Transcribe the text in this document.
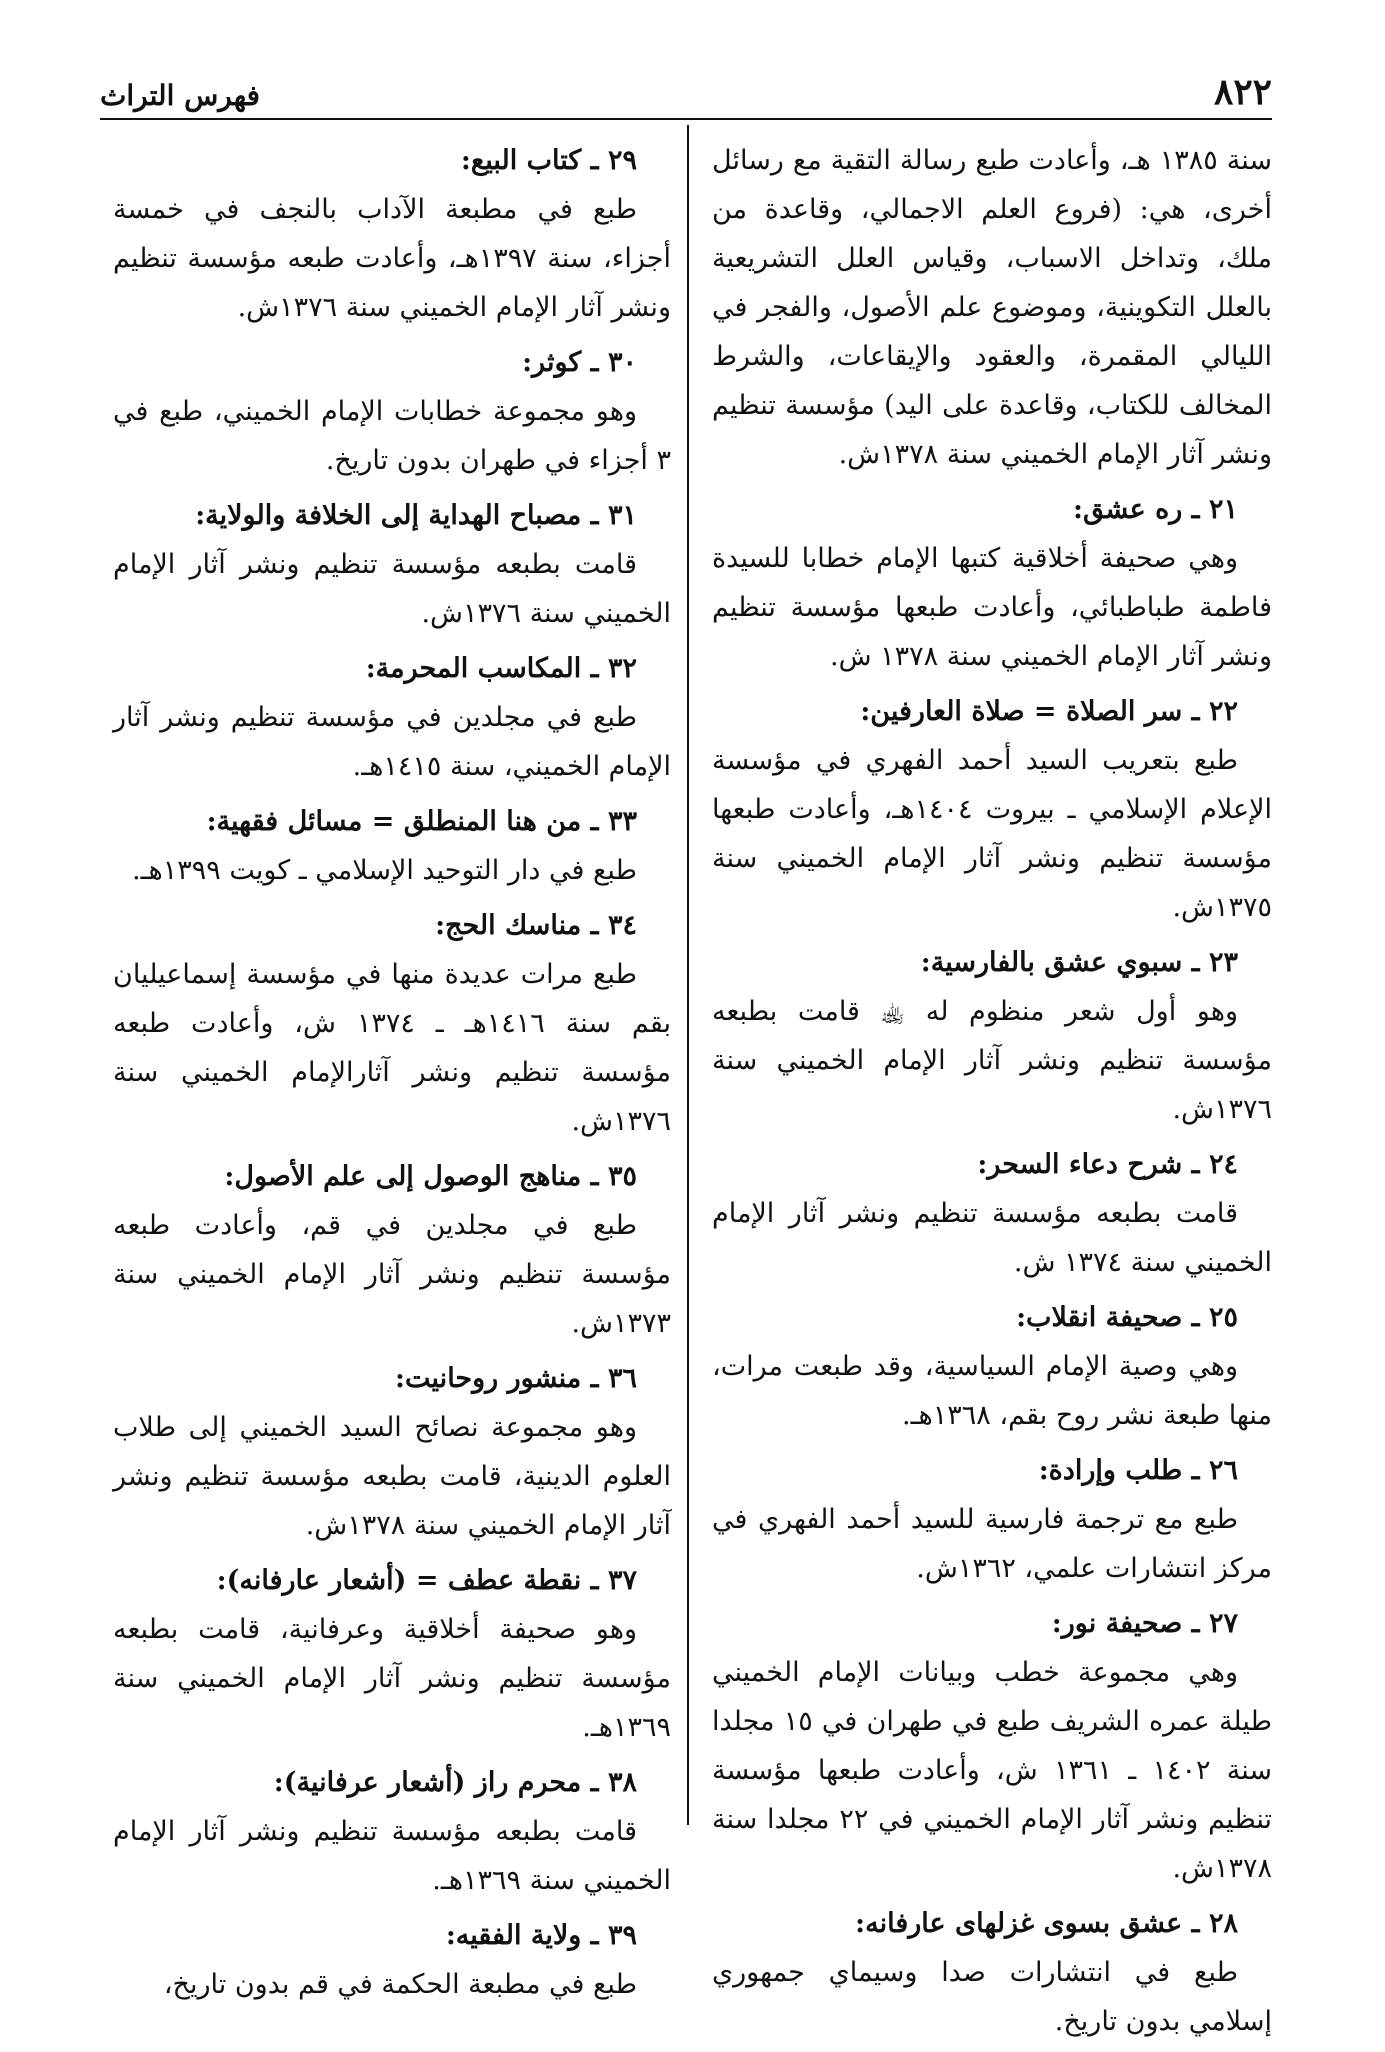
٨٢٢
فهرس التراث

سنة ١٣٨٥ هـ، وأعادت طبع رسالة التقية مع رسائل أخرى، هي: (فروع العلم الاجمالي، وقاعدة من ملك، وتداخل الاسباب، وقياس العلل التشريعية بالعلل التكوينية، وموضوع علم الأصول، والفجر في الليالي المقمرة، والعقود والإيقاعات، والشرط المخالف للكتاب، وقاعدة على اليد) مؤسسة تنظيم ونشر آثار الإمام الخميني سنة ١٣٧٨ش.

٢١ ـ ره عشق:

وهي صحيفة أخلاقية كتبها الإمام خطابا للسيدة فاطمة طباطبائي، وأعادت طبعها مؤسسة تنظيم ونشر آثار الإمام الخميني سنة ١٣٧٨ ش.

٢٢ ـ سر الصلاة = صلاة العارفين:

طبع بتعريب السيد أحمد الفهري في مؤسسة الإعلام الإسلامي ـ بيروت ١٤٠٤هـ، وأعادت طبعها مؤسسة تنظيم ونشر آثار الإمام الخميني سنة ١٣٧٥ش.

٢٣ ـ سبوي عشق بالفارسية:

وهو أول شعر منظوم له ﵀ قامت بطبعه مؤسسة تنظيم ونشر آثار الإمام الخميني سنة ١٣٧٦ش.

٢٤ ـ شرح دعاء السحر:

قامت بطبعه مؤسسة تنظيم ونشر آثار الإمام الخميني سنة ١٣٧٤ ش.

٢٥ ـ صحيفة انقلاب:

وهي وصية الإمام السياسية، وقد طبعت مرات، منها طبعة نشر روح بقم، ١٣٦٨هـ.

٢٦ ـ طلب وإرادة:

طبع مع ترجمة فارسية للسيد أحمد الفهري في مركز انتشارات علمي، ١٣٦٢ش.

٢٧ ـ صحيفة نور:

وهي مجموعة خطب وبيانات الإمام الخميني طيلة عمره الشريف طبع في طهران في ١٥ مجلدا سنة ١٤٠٢ ـ ١٣٦١ ش، وأعادت طبعها مؤسسة تنظيم ونشر آثار الإمام الخميني في ٢٢ مجلدا سنة ١٣٧٨ش.

٢٨ ـ عشق بسوى غزلهاى عارفانه:

طبع في انتشارات صدا وسيماي جمهوري إسلامي بدون تاريخ.

٢٩ ـ كتاب البيع:

طبع في مطبعة الآداب بالنجف في خمسة أجزاء، سنة ١٣٩٧هـ، وأعادت طبعه مؤسسة تنظيم ونشر آثار الإمام الخميني سنة ١٣٧٦ش.

٣٠ ـ كوثر:

وهو مجموعة خطابات الإمام الخميني، طبع في ٣ أجزاء في طهران بدون تاريخ.

٣١ ـ مصباح الهداية إلى الخلافة والولاية:

قامت بطبعه مؤسسة تنظيم ونشر آثار الإمام الخميني سنة ١٣٧٦ش.

٣٢ ـ المكاسب المحرمة:

طبع في مجلدين في مؤسسة تنظيم ونشر آثار الإمام الخميني، سنة ١٤١٥هـ.

٣٣ ـ من هنا المنطلق = مسائل فقهية:

طبع في دار التوحيد الإسلامي ـ كويت ١٣٩٩هـ.

٣٤ ـ مناسك الحج:

طبع مرات عديدة منها في مؤسسة إسماعيليان بقم سنة ١٤١٦هـ ـ ١٣٧٤ ش، وأعادت طبعه مؤسسة تنظيم ونشر آثارالإمام الخميني سنة ١٣٧٦ش.

٣٥ ـ مناهج الوصول إلى علم الأصول:

طبع في مجلدين في قم، وأعادت طبعه مؤسسة تنظيم ونشر آثار الإمام الخميني سنة ١٣٧٣ش.

٣٦ ـ منشور روحانيت:

وهو مجموعة نصائح السيد الخميني إلى طلاب العلوم الدينية، قامت بطبعه مؤسسة تنظيم ونشر آثار الإمام الخميني سنة ١٣٧٨ش.

٣٧ ـ نقطة عطف = (أشعار عارفانه):

وهو صحيفة أخلاقية وعرفانية، قامت بطبعه مؤسسة تنظيم ونشر آثار الإمام الخميني سنة ١٣٦٩هـ.

٣٨ ـ محرم راز (أشعار عرفانية):

قامت بطبعه مؤسسة تنظيم ونشر آثار الإمام الخميني سنة ١٣٦٩هـ.

٣٩ ـ ولاية الفقيه:

طبع في مطبعة الحكمة في قم بدون تاريخ،
